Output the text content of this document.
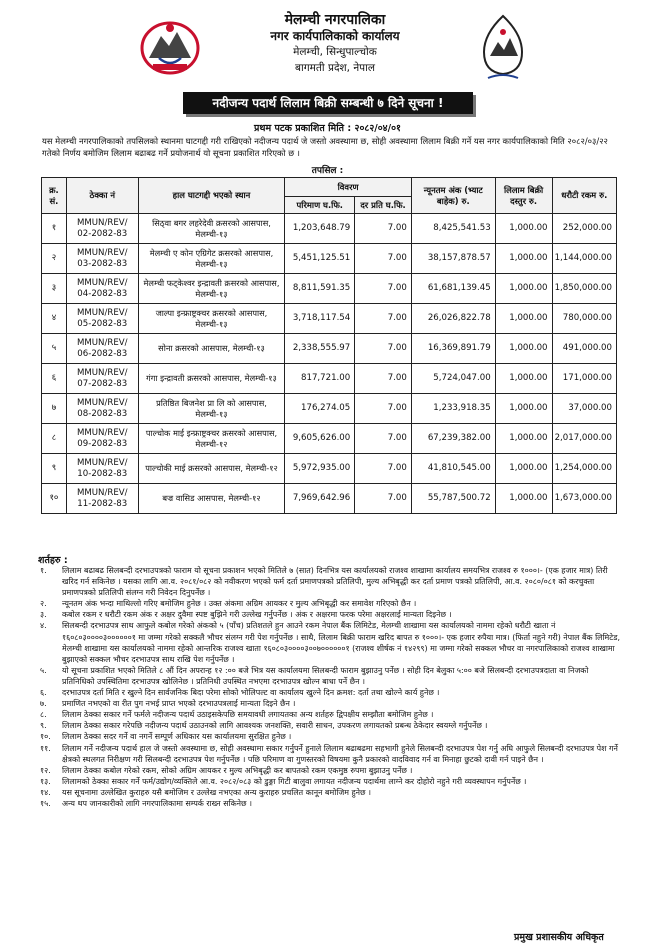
मेलम्ची नगरपालिका
नगर कार्यपालिकाको कार्यालय
मेलम्ची, सिन्धुपाल्चोक
बागमती प्रदेश, नेपाल
नदीजन्य पदार्थ लिलाम बिक्री सम्बन्धी ७ दिने सूचना !
प्रथम पटक प्रकाशित मिति : २०८२/०४/०१
यस मेलम्ची नगरपालिकाको तपसिलको स्थानमा घाटगद्दी गरी राखिएको नदीजन्य पदार्थ जे जस्तो अवस्थामा छ, सोही अवस्थामा लिलाम बिक्री गर्ने यस नगर कार्यपालिकाको मिति २०८२/०३/२२ गतेको निर्णय बमोजिम लिलाम बढाबढ गर्ने प्रयोजनार्थ यो सूचना प्रकाशित गरिएको छ ।
तपसिल :
क्र. सं.	ठेक्का नं	हाल घाटगद्दी भएको स्थान	विवरण		न्यूनतम अंक (भ्याट बाहेक) रु.	लिलाम बिक्री दस्तुर रु.	धरौटी रकम रु.
			परिमाण घ.फि.	दर प्रति घ.फि.			
१	MMUN/REV/ 02-2082-83	सिठ्वा बगर लहरेदेवी क्रसरको आसपास, मेलम्ची-१३	1,203,648.79	7.00	8,425,541.53	1,000.00	252,000.00
२	MMUN/REV/ 03-2082-83	मेलम्ची ए कोन एग्रिगेट क्रसरको आसपास, मेलम्ची-१३	5,451,125.51	7.00	38,157,878.57	1,000.00	1,144,000.00
३	MMUN/REV/ 04-2082-83	मेलम्ची फट्केश्वर इन्द्रावती क्रसरको आसपास, मेलम्ची-१३	8,811,591.35	7.00	61,681,139.45	1,000.00	1,850,000.00
४	MMUN/REV/ 05-2082-83	जाल्पा इन्फ्राष्ट्रक्चर क्रसरको आसपास, मेलम्ची-१३	3,718,117.54	7.00	26,026,822.78	1,000.00	780,000.00
५	MMUN/REV/ 06-2082-83	सोना क्रसरको आसपास, मेलम्ची-१३	2,338,555.97	7.00	16,369,891.79	1,000.00	491,000.00
६	MMUN/REV/ 07-2082-83	गंगा इन्द्रावती क्रसरको आसपास, मेलम्ची-१३	817,721.00	7.00	5,724,047.00	1,000.00	171,000.00
७	MMUN/REV/ 08-2082-83	प्रतिष्ठित बिजनेश प्रा लि को आसपास, मेलम्ची-१३	176,274.05	7.00	1,233,918.35	1,000.00	37,000.00
८	MMUN/REV/ 09-2082-83	पाल्चोक माई इन्फ्राष्ट्रक्चर क्रसरको आसपास, मेलम्ची-१२	9,605,626.00	7.00	67,239,382.00	1,000.00	2,017,000.00
९	MMUN/REV/ 10-2082-83	पाल्चोकी माई क्रसरको आसपास, मेलम्ची-१२	5,972,935.00	7.00	41,810,545.00	1,000.00	1,254,000.00
१०	MMUN/REV/ 11-2082-83	बज्र वासिड आसपास, मेलम्ची-१२	7,969,642.96	7.00	55,787,500.72	1,000.00	1,673,000.00
शर्तहरु :
१.	लिलाम बढाबढ सिलबन्दी दरभाउपत्रको फाराम यो सूचना प्रकाशन भएको मितिले ७ (सात) दिनभित्र यस कार्यालयको राजश्व शाखामा कार्यालय समयभित्र राजश्व रु १०००।- (एक हजार मात्र) तिरी खरिद गर्न सकिनेछ । यसका लागि आ.व. २०८१/०८२ को नवीकरण भएको फर्म दर्ता प्रमाणपत्रको प्रतिलिपी, मुल्य अभिबृद्धी कर दर्ता प्रमाण पत्रको प्रतिलिपी, आ.व. २०८०/०८१ को करचुक्ता प्रमाणपत्रको प्रतिलिपी संलग्न गरी निवेदन दिनुपर्नेछ ।
२.	न्यूनतम अंक भन्दा माथिल्लो गरिए बमोजिम हुनेछ । उक्त अंकमा अग्रिम आयकर र मुल्य अभिबृद्धी कर समावेश गरिएको छैन ।
३.	कबोल रकम र धरौटी रकम अंक र अक्षर दुवैमा स्पष्ट बुझिने गरी उल्लेख गर्नुपर्नेछ । अंक र अक्षरमा फरक परेमा अक्षरलाई मान्यता दिइनेछ ।
४.	सिलबन्दी दरभाउपत्र साथ आफुले कबोल गरेको अंकको ५ (पाँच) प्रतिशतले हुन आउने रकम नेपाल बैंक लिमिटेड, मेलम्ची शाखामा यस कार्यालयको नाममा रहेको धरौटी खाता नं १६०८०३००००३००००००१ मा जम्मा गरेको सक्कलै भौचर संलग्न गरी पेश गर्नुपर्नेछ । साथै, लिलाम बिक्री फाराम खरिद बापत रु १०००।- एक हजार रुपैया मात्र। (फिर्ता नहुने गरी) नेपाल बैंक लिमिटेड, मेलम्ची शाखामा यस कार्यालयको नाममा रहेको आन्तरिक राजश्व खाता १६०८०३००००३००७००००००१ (राजश्व शीर्षक नं १४२९९) मा जम्मा गरेको सक्कल भौचर वा नगरपालिकाको राजश्व शाखामा बुझाएको सक्कल भौचर दरभाउपत्र साथ राखि पेश गर्नुपर्नेछ ।
५.	यो सूचना प्रकाशित भएको मितिले ८ औं दिन अपरान्ह १२ :०० बजे भित्र यस कार्यालयमा सिलबन्दी फाराम बुझाउनु पर्नेछ । सोही दिन बेलुका ५:०० बजे सिलबन्दी दरभाउपत्रदाता वा निजको प्रतिनिधिको उपस्थितिमा दरभाउपत्र खोलिनेछ । प्रतिनिधी उपस्थित नभएमा दरभाउपत्र खोल्न बाधा पर्ने छैन ।
६.	दरभाउपत्र दर्ता मिति र खुल्ने दिन सार्वजनिक बिदा परेमा सोको भोलिपल्ट वा कार्यालय खुल्ने दिन क्रमश: दर्ता तथा खोल्ने कार्य हुनेछ ।
७.	प्रमाणित नभएको वा रीत पुग नभई प्राप्त भएको दरभाउपत्रलाई मान्यता दिइने छैन ।
८.	लिलाम ठेक्का सकार गर्ने फर्मले नदीजन्य पदार्थ उठाइसकेपछि समयावधी लगायतका अन्य शर्तहरु द्विपक्षीय सम्झौता बमोजिम हुनेछ ।
९.	लिलाम ठेक्का सकार गरेपछि नदीजन्य पदार्थ उठाउनको लागि आवश्यक जनशक्ति, सवारी साधन, उपकरण लगायतको प्रबन्ध ठेकेदार स्वयम्ले गर्नुपर्नेछ ।
१०.	लिलाम ठेक्का सदर गर्ने वा नगर्ने सम्पूर्ण अधिकार यस कार्यालयमा सुरक्षित हुनेछ ।
११.	लिलाम गर्ने नदीजन्य पदार्थ हाल जे जस्तो अवस्थामा छ, सोही अवस्थामा सकार गर्नुपर्ने हुनाले लिलाम बढाबढमा सहभागी हुनेले सिलबन्दी दरभाउपत्र पेश गर्नु अघि आफुले सिलबन्दी दरभाउपत्र पेश गर्ने क्षेत्रको स्थलगत निरीक्षण गरी सिलबन्दी दरभाउपत्र पेश गर्नुपर्नेछ । पछि परिमाण वा गुणस्तरको विषयमा कुनै प्रकारको वादविवाद गर्न वा मिनाहा छुटको दावी गर्न पाइने छैन ।
१२.	लिलाम ठेक्का कबोल गरेको रकम, सोको अग्रिम आयकर र मुल्य अभिबृद्धी कर बापतको रकम एकमुष्ठ रुपमा बुझाउनु पर्नेछ ।
१३.	लिलामको ठेक्का सकार गर्ने फर्म/उद्योग/व्यक्तिले आ.व. २०८२/०८३ को डुङ्गा गिटी बालुवा लगायत नदीजन्य पदार्थमा लाग्ने कर दोहोरो नहुने गरी व्यवस्थापन गर्नुपर्नेछ ।
१४.	यस सूचनामा उल्लेखित कुराहरु यसै बमोजिम र उल्लेख नभएका अन्य कुराहरु प्रचलित कानून बमोजिम हुनेछ ।
१५.	अन्य थप जानकारीको लागि नगरपालिकामा सम्पर्क राख्न सकिनेछ ।
प्रमुख प्रशासकीय अधिकृत
